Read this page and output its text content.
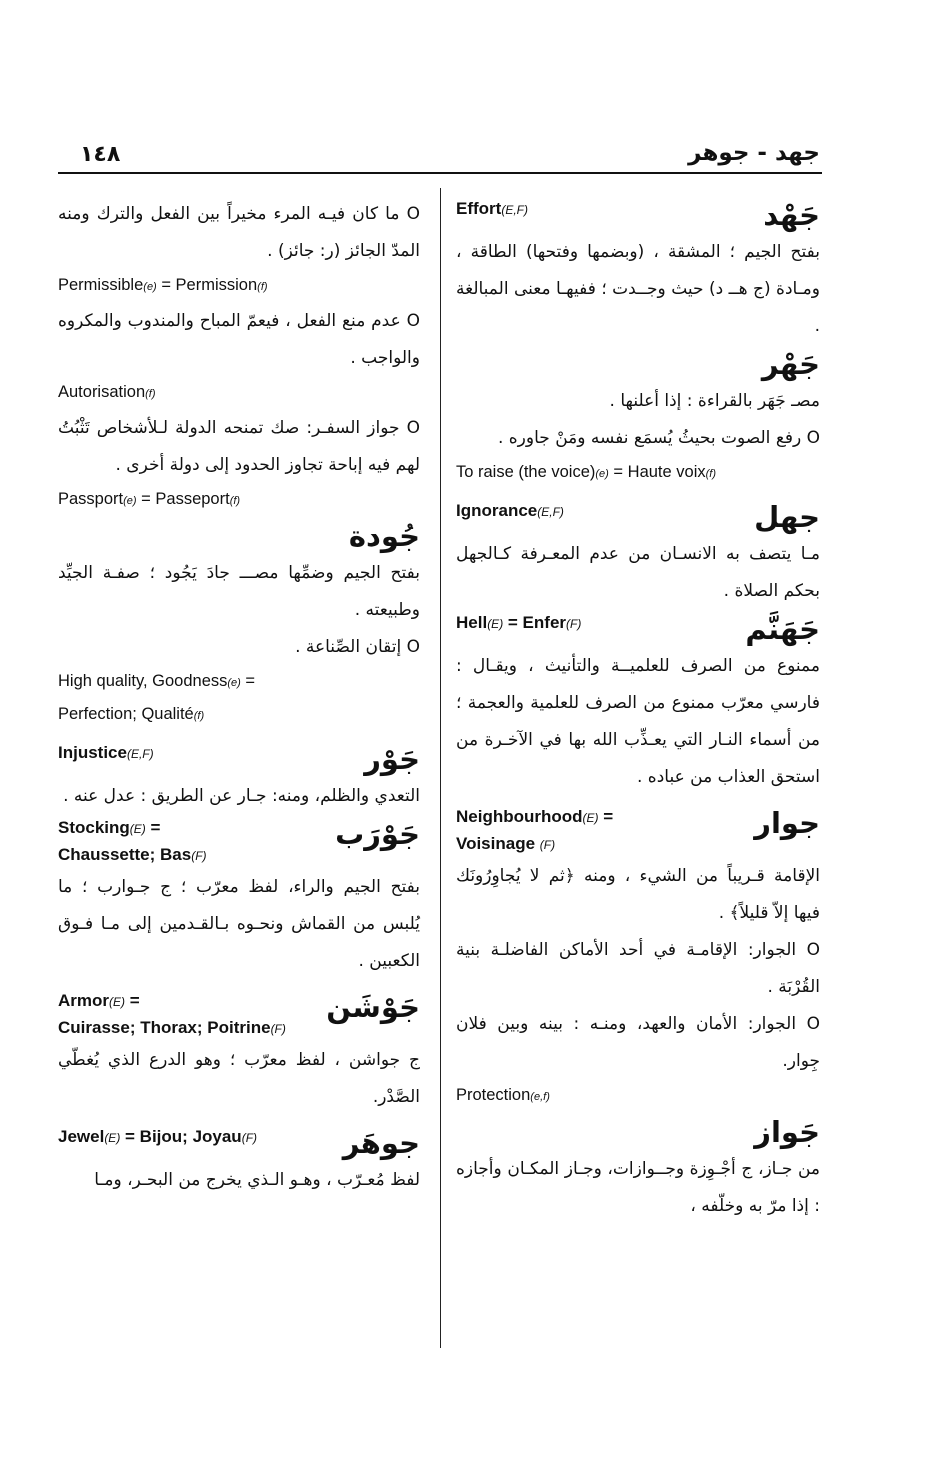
١٤٨	جهد - جوهر
Effort(E,F)	جَهْد

بفتح الجيم ؛ المشقة ، (وبضمها وفتحها) الطاقة ، ومـادة (ج هــ د) حيث وجــدت ؛ ففيهـا معنى المبالغة .

جَهْر

مصـ جَهَر بالقراءة : إذا أعلنها .

O رفع الصوت بحيثُ يُسمَع نفسه ومَنْ جاوره .

To raise (the voice)(e) = Haute voix(f)

Ignorance(E,F)	جهل

مـا يتصف به الانسـان من عدم المعـرفة كـالجهل بحكم الصلاة .

Hell(E) = Enfer(F)	جَهَنَّم

ممنوع من الصرف للعلميــة والتأنيث ، ويقـال : فارسي معرّب ممنوع من الصرف للعلمية والعجمة ؛ من أسماء النـار التي يعـذِّب الله بها في الآخـرة من استحق العذاب من عباده .

Neighbourhood(E) =
Voisinage (F)
جوار

الإقامة قـريباً من الشيء ، ومنه ﴿ثم لا يُجاوِرُونَك فيها إلاّ قليلاً﴾ .

O الجوار: الإقامـة في أحد الأماكن الفاضلـة بنية القُرْبَة .

O الجوار: الأمان والعهد، ومنـه : بينه وبين فلان جِوار.

Protection(e,f)

جَواز

من جـاز، ج أجْـوِزة وجــوازات، وجـاز المكـان وأجازه : إذا مرّ به وخلّفه ،

O ما كان فيـه المرء مخيراً بين الفعل والترك ومنه المدّ الجائز (ر: جائز) .

Permissible(e) = Permission(f)

O عدم منع الفعل ، فيعمّ المباح والمندوب والمكروه والواجب .

Autorisation(f)

O جواز السفـر: صك تمنحه الدولة لـلأشخاص تَثْبُتُ لهم فيه إباحة تجاوز الحدود إلى دولة أخرى .

Passport(e) = Passeport(f)

جُودة

بفتح الجيم وضمِّها مصـــ جادَ يَجُود ؛ صفـة الجيِّد وطبيعته .

O إتقان الصِّناعة .

High quality, Goodness(e) =
Perfection; Qualité(f)

Injustice(E,F)	جَوْر

التعدي والظلم، ومنه: جـار عن الطريق : عدل عنه .

Stocking(E) =
Chaussette; Bas(F)
جَوْرَب

بفتح الجيم والراء، لفظ معرّب ؛ ج جـوارب ؛ ما يُلبس من القماش ونحـوه بـالقـدمين إلى مـا فـوق الكعبين .

Armor(E) =
Cuirasse; Thorax; Poitrine(F)
جَوْشَن

ج جواشن ، لفظ معرّب ؛ وهو الدرع الذي يُغطّي الصَّدْر.

Jewel(E) = Bijou; Joyau(F)	جوهَر

لفظ مُعـرّب ، وهـو الـذي يخرج من البحـر، ومـا
